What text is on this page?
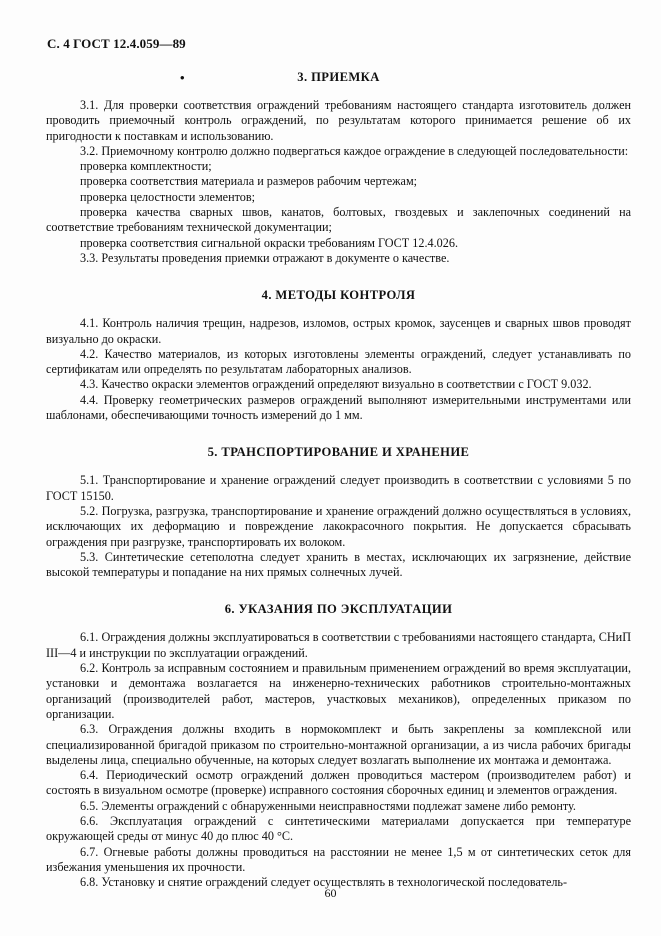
С. 4 ГОСТ 12.4.059—89
•	3. ПРИЕМКА

3.1. Для проверки соответствия ограждений требованиям настоящего стандарта изготовитель должен проводить приемочный контроль ограждений, по результатам которого принимается решение об их пригодности к поставкам и использованию.

3.2. Приемочному контролю должно подвергаться каждое ограждение в следующей последовательности:

проверка комплектности;

проверка соответствия материала и размеров рабочим чертежам;

проверка целостности элементов;

проверка качества сварных швов, канатов, болтовых, гвоздевых и заклепочных соединений на соответствие требованиям технической документации;

проверка соответствия сигнальной окраски требованиям ГОСТ 12.4.026.

3.3. Результаты проведения приемки отражают в документе о качестве.

4. МЕТОДЫ КОНТРОЛЯ

4.1. Контроль наличия трещин, надрезов, изломов, острых кромок, заусенцев и сварных швов проводят визуально до окраски.

4.2. Качество материалов, из которых изготовлены элементы ограждений, следует устанавливать по сертификатам или определять по результатам лабораторных анализов.

4.3. Качество окраски элементов ограждений определяют визуально в соответствии с ГОСТ 9.032.

4.4. Проверку геометрических размеров ограждений выполняют измерительными инструментами или шаблонами, обеспечивающими точность измерений до 1 мм.

5. ТРАНСПОРТИРОВАНИЕ И ХРАНЕНИЕ

5.1. Транспортирование и хранение ограждений следует производить в соответствии с условиями 5 по ГОСТ 15150.

5.2. Погрузка, разгрузка, транспортирование и хранение ограждений должно осуществляться в условиях, исключающих их деформацию и повреждение лакокрасочного покрытия. Не допускается сбрасывать ограждения при разгрузке, транспортировать их волоком.

5.3. Синтетические сетеполотна следует хранить в местах, исключающих их загрязнение, действие высокой температуры и попадание на них прямых солнечных лучей.

6. УКАЗАНИЯ ПО ЭКСПЛУАТАЦИИ

6.1. Ограждения должны эксплуатироваться в соответствии с требованиями настоящего стандарта, СНиП III—4 и инструкции по эксплуатации ограждений.

6.2. Контроль за исправным состоянием и правильным применением ограждений во время эксплуатации, установки и демонтажа возлагается на инженерно-технических работников строительно-монтажных организаций (производителей работ, мастеров, участковых механиков), определенных приказом по организации.

6.3. Ограждения должны входить в нормокомплект и быть закреплены за комплексной или специализированной бригадой приказом по строительно-монтажной организации, а из числа рабочих бригады выделены лица, специально обученные, на которых следует возлагать выполнение их монтажа и демонтажа.

6.4. Периодический осмотр ограждений должен проводиться мастером (производителем работ) и состоять в визуальном осмотре (проверке) исправного состояния сборочных единиц и элементов ограждения.

6.5. Элементы ограждений с обнаруженными неисправностями подлежат замене либо ремонту.

6.6. Эксплуатация ограждений с синтетическими материалами допускается при температуре окружающей среды от минус 40 до плюс 40 °С.

6.7. Огневые работы должны проводиться на расстоянии не менее 1,5 м от синтетических сеток для избежания уменьшения их прочности.

6.8. Установку и снятие ограждений следует осуществлять в технологической последователь-

60
